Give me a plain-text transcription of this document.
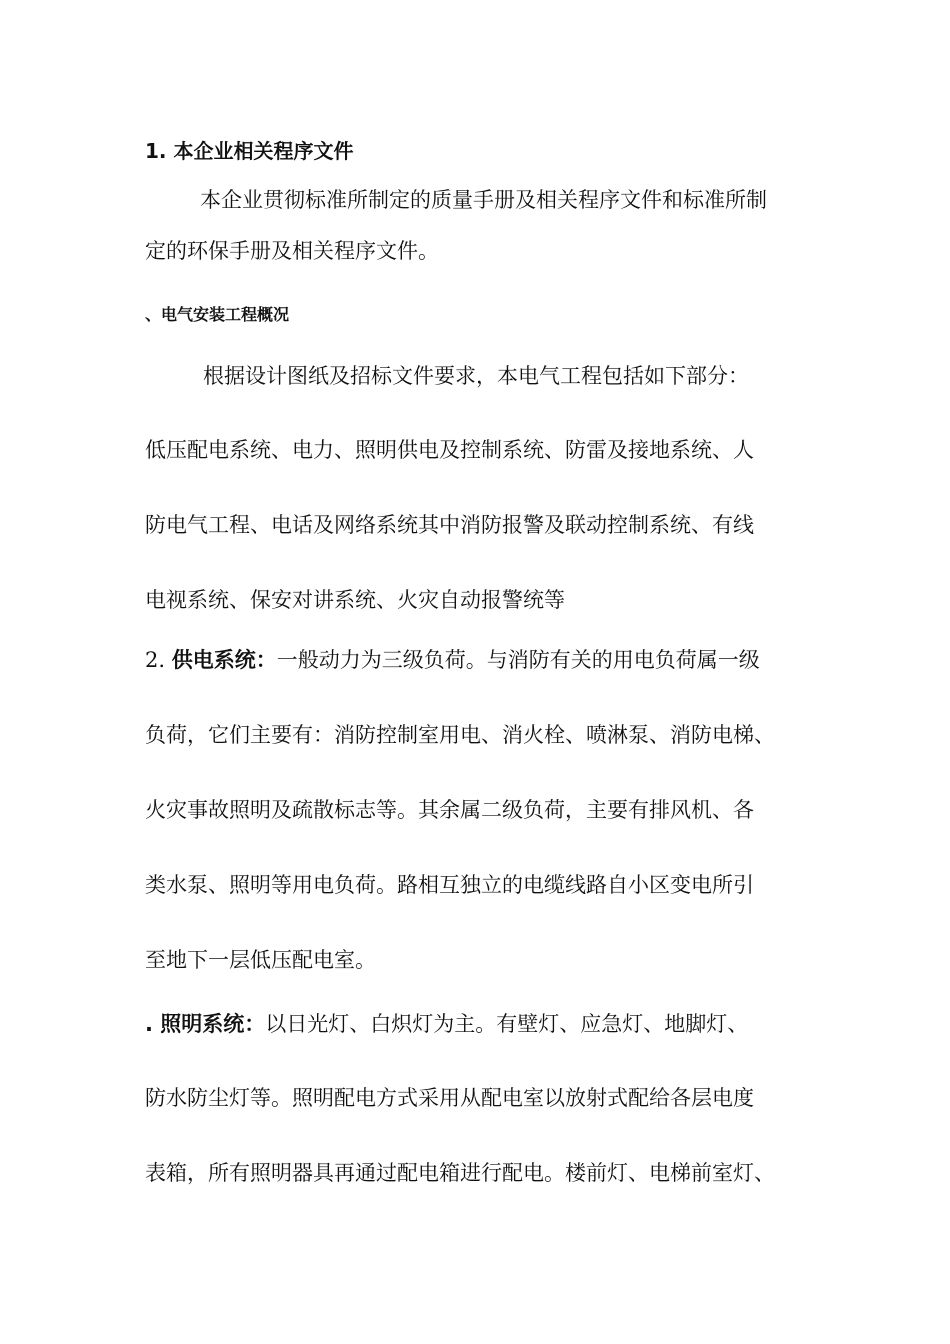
1. 本企业相关程序文件
本企业贯彻标准所制定的质量手册及相关程序文件和标准所制
定的环保手册及相关程序文件。
、电气安装工程概况
根据设计图纸及招标文件要求，本电气工程包括如下部分：
低压配电系统、电力、照明供电及控制系统、防雷及接地系统、人
防电气工程、电话及网络系统其中消防报警及联动控制系统、有线
电视系统、保安对讲系统、火灾自动报警统等
2. 供电系统：一般动力为三级负荷。与消防有关的用电负荷属一级
负荷，它们主要有：消防控制室用电、消火栓、喷淋泵、消防电梯、
火灾事故照明及疏散标志等。其余属二级负荷，主要有排风机、各
类水泵、照明等用电负荷。路相互独立的电缆线路自小区变电所引
至地下一层低压配电室。
. 照明系统：以日光灯、白炽灯为主。有壁灯、应急灯、地脚灯、
防水防尘灯等。照明配电方式采用从配电室以放射式配给各层电度
表箱，所有照明器具再通过配电箱进行配电。楼前灯、电梯前室灯、
